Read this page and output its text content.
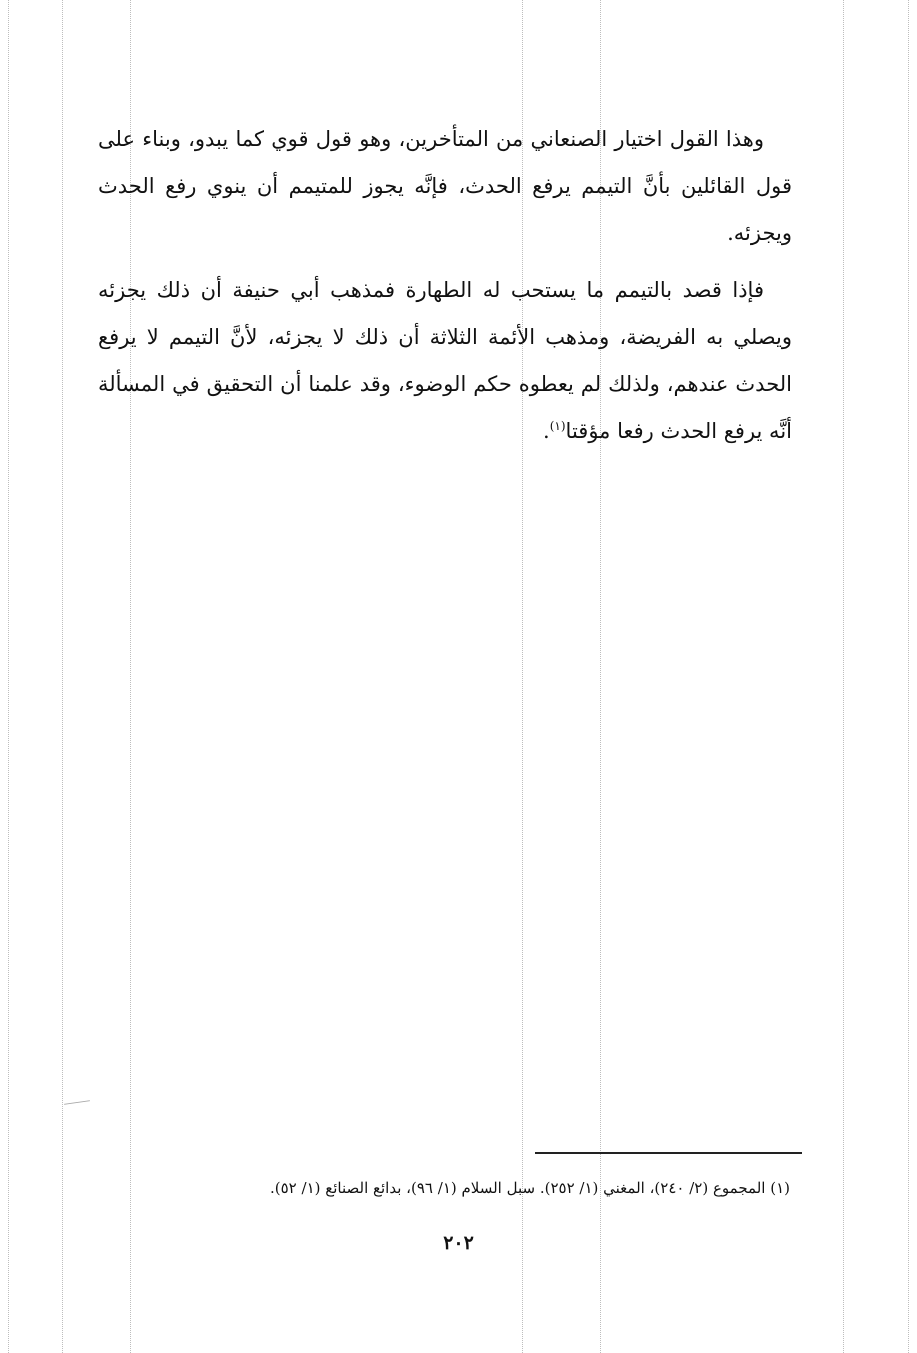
وهذا القول اختيار الصنعاني من المتأخرين، وهو قول قوي كما يبدو، وبناء على قول القائلين بأنَّ التيمم يرفع الحدث، فإنَّه يجوز للمتيمم أن ينوي رفع الحدث ويجزئه.

فإذا قصد بالتيمم ما يستحب له الطهارة فمذهب أبي حنيفة أن ذلك يجزئه ويصلي به الفريضة، ومذهب الأئمة الثلاثة أن ذلك لا يجزئه، لأنَّ التيمم لا يرفع الحدث عندهم، ولذلك لم يعطوه حكم الوضوء، وقد علمنا أن التحقيق في المسألة أنَّه يرفع الحدث رفعا مؤقتا$^{(١)}$.

(١) المجموع (٢/ ٢٤٠)، المغني (١/ ٢٥٢). سبل السلام (١/ ٩٦)، بدائع الصنائع (١/ ٥٢).
٢٠٢
